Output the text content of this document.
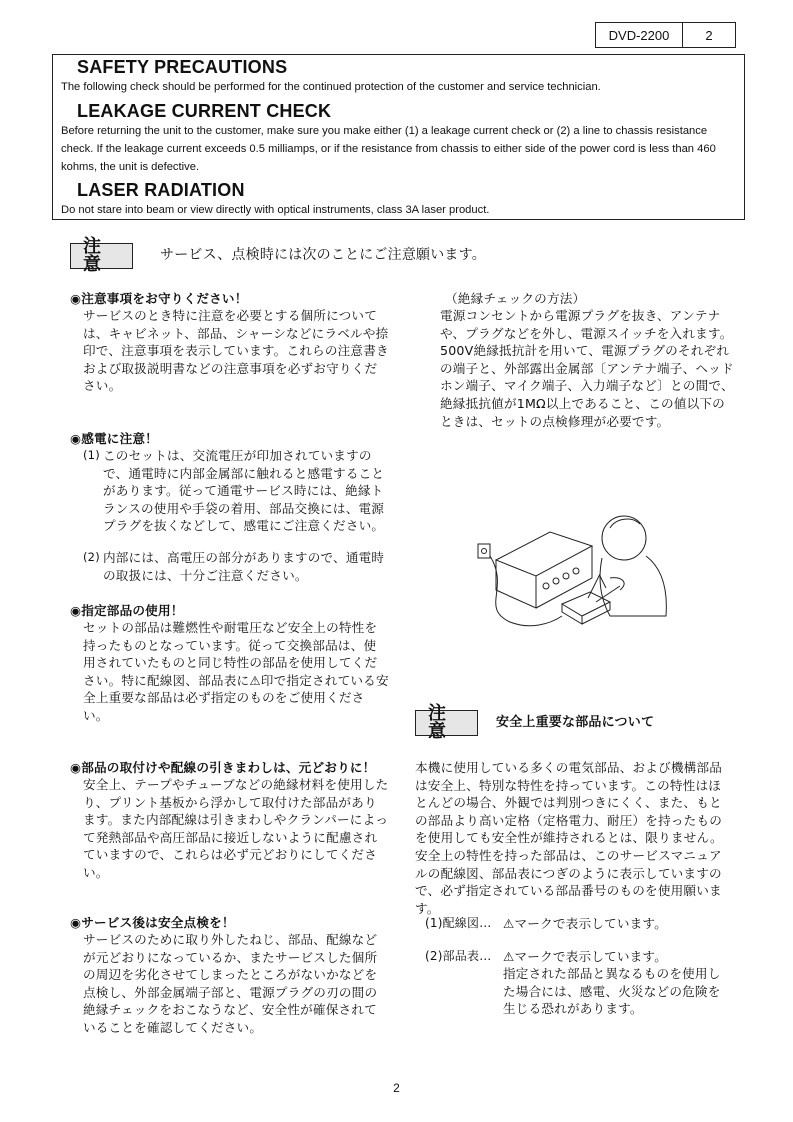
DVD-2200	2
SAFETY PRECAUTIONS
The following check should be performed for the continued protection of the customer and service technician.
LEAKAGE CURRENT CHECK
Before returning the unit to the customer, make sure you make either (1) a leakage current check or (2) a line to chassis resistance check. If the leakage current exceeds 0.5 milliamps, or if the resistance from chassis to either side of the power cord is less than 460 kohms, the unit is defective.
LASER RADIATION
Do not stare into beam or view directly with optical instruments, class 3A laser product.
注意	サービス、点検時には次のことにご注意願います。
◉注意事項をお守りください！
サービスのとき特に注意を必要とする個所については、キャビネット、部品、シャーシなどにラベルや捺印で、注意事項を表示しています。これらの注意書きおよび取扱説明書などの注意事項を必ずお守りください。
◉感電に注意！
(1) このセットは、交流電圧が印加されていますので、通電時に内部金属部に触れると感電することがあります。従って通電サービス時には、絶縁トランスの使用や手袋の着用、部品交換には、電源プラグを抜くなどして、感電にご注意ください。
(2) 内部には、高電圧の部分がありますので、通電時の取扱には、十分ご注意ください。
◉指定部品の使用！
セットの部品は難燃性や耐電圧など安全上の特性を持ったものとなっています。従って交換部品は、使用されていたものと同じ特性の部品を使用してください。特に配線図、部品表に⚠印で指定されている安全上重要な部品は必ず指定のものをご使用ください。
◉部品の取付けや配線の引きまわしは、元どおりに！
安全上、テープやチューブなどの絶縁材料を使用したり、プリント基板から浮かして取付けた部品があります。また内部配線は引きまわしやクランパーによって発熱部品や高圧部品に接近しないように配慮されていますので、これらは必ず元どおりにしてください。
◉サービス後は安全点検を！
サービスのために取り外したねじ、部品、配線などが元どおりになっているか、またサービスした個所の周辺を劣化させてしまったところがないかなどを点検し、外部金属端子部と、電源プラグの刃の間の絶縁チェックをおこなうなど、安全性が確保されていることを確認してください。
（絶縁チェックの方法）
電源コンセントから電源プラグを抜き、アンテナや、プラグなどを外し、電源スイッチを入れます。500V絶縁抵抗計を用いて、電源プラグのそれぞれの端子と、外部露出金属部〔アンテナ端子、ヘッドホン端子、マイク端子、入力端子など〕との間で、絶縁抵抗値が1MΩ以上であること、この値以下のときは、セットの点検修理が必要です。
注意	安全上重要な部品について
本機に使用している多くの電気部品、および機構部品は安全上、特別な特性を持っています。この特性はほとんどの場合、外観では判別つきにくく、また、もとの部品より高い定格（定格電力、耐圧）を持ったものを使用しても安全性が維持されるとは、限りません。安全上の特性を持った部品は、このサービスマニュアルの配線図、部品表につぎのように表示していますので、必ず指定されている部品番号のものを使用願います。
(1)配線図… ⚠マークで表示しています。
(2)部品表… ⚠マークで表示しています。
指定された部品と異なるものを使用した場合には、感電、火災などの危険を生じる恐れがあります。
2
